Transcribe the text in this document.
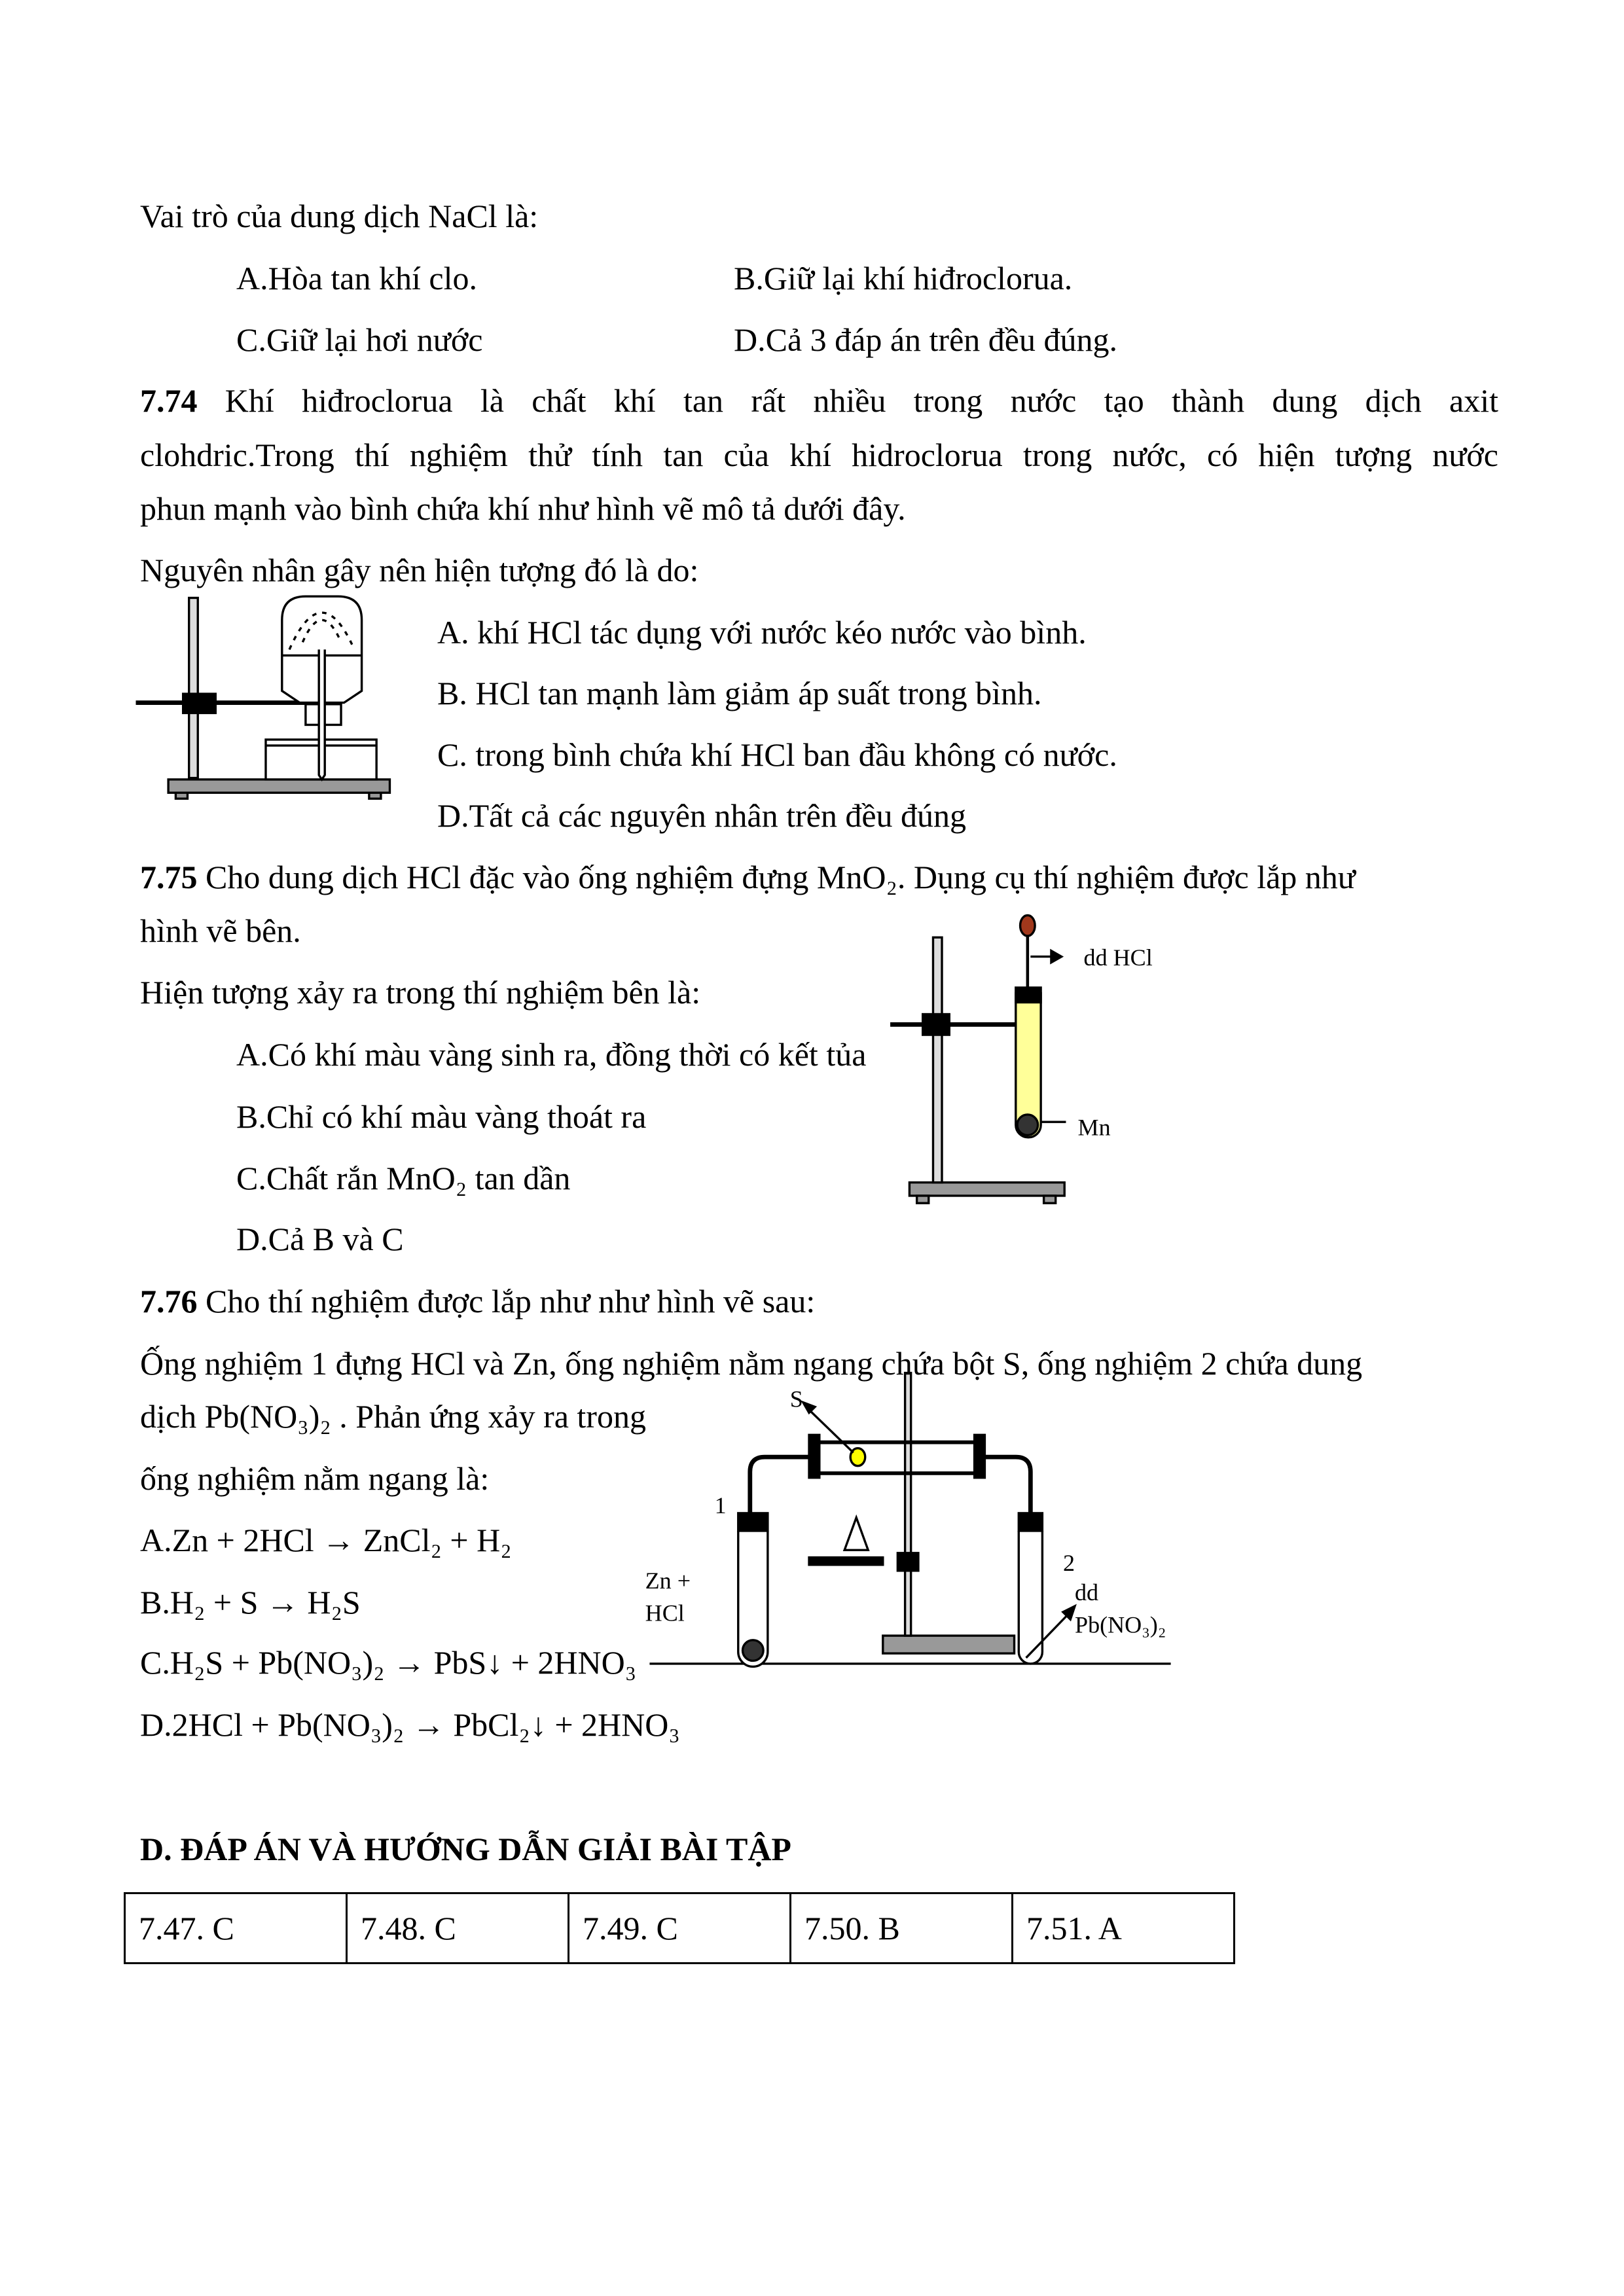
dd HCl
Mn
S
1
Zn +
HCl
2
dd
Pb(NO₃)₂
Vai trò của dung dịch NaCl là:
A.Hòa tan khí clo.	B.Giữ lại khí hiđroclorua.
C.Giữ lại hơi nước	D.Cả 3 đáp án trên đều đúng.
7.74 Khí hiđroclorua là chất khí tan rất nhiều trong nước tạo thành dung dịch axit
clohdric.Trong thí nghiệm thử tính tan của khí hidroclorua trong nước, có hiện tượng nước
phun mạnh vào bình chứa khí như hình vẽ mô tả dưới đây.
Nguyên nhân gây nên hiện tượng đó là do:
A. khí HCl tác dụng với nước kéo nước vào bình.
B. HCl tan mạnh làm giảm áp suất trong bình.
C. trong bình chứa khí HCl ban đầu không có nước.
D.Tất cả các nguyên nhân trên đều đúng
7.75 Cho dung dịch HCl đặc vào ống nghiệm đựng MnO₂. Dụng cụ thí nghiệm được lắp như
hình vẽ bên.
Hiện tượng xảy ra trong thí nghiệm bên là:
A.Có khí màu vàng sinh ra, đồng thời có kết tủa
B.Chỉ có khí màu vàng thoát ra
C.Chất rắn MnO₂ tan dần
D.Cả B và C
7.76 Cho thí nghiệm được lắp như như hình vẽ sau:
Ống nghiệm 1 đựng HCl và Zn, ống nghiệm nằm ngang chứa bột S, ống nghiệm 2 chứa dung
dịch Pb(NO₃)₂ . Phản ứng xảy ra trong
ống nghiệm nằm ngang là:
A.Zn + 2HCl → ZnCl₂ + H₂
B.H₂ + S → H₂S
C.H₂S + Pb(NO₃)₂ → PbS↓ + 2HNO₃
D.2HCl + Pb(NO₃)₂ → PbCl₂↓ + 2HNO₃
D. ĐÁP ÁN VÀ HƯỚNG DẪN GIẢI BÀI TẬP
7.47. C	7.48. C	7.49. C	7.50. B	7.51. A
